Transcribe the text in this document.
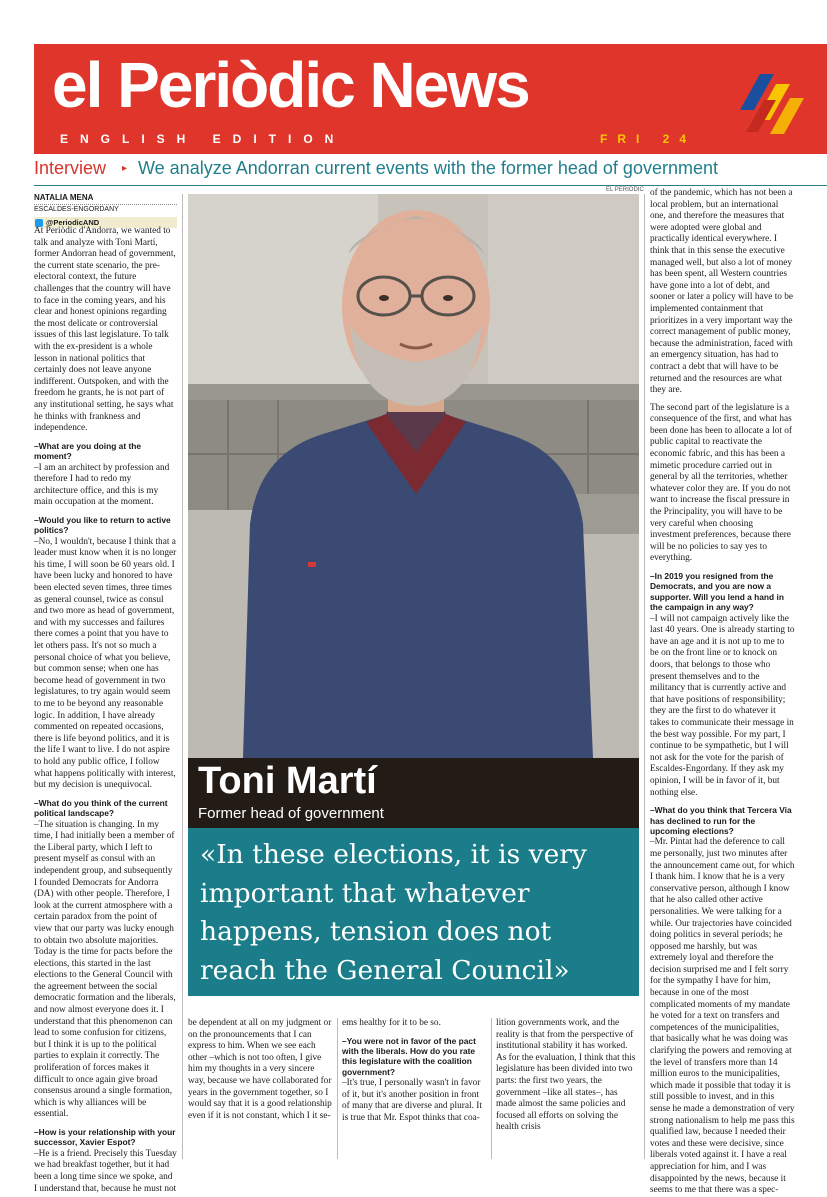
el Periòdic News
ENGLISH EDITION	FRI 24
Interview ▸ We analyze Andorran current events with the former head of government
NATALIA MENA
ESCALDES-ENGORDANY
@PeriodicAND

At Periòdic d'Andorra, we wanted to talk and analyze with Toni Martí, former Andorran head of government, the current state scenario, the pre-electoral context, the future challenges that the country will have to face in the coming years, and his clear and honest opinions regarding the most delicate or controversial issues of this last legislature. To talk with the ex-president is a whole lesson in national politics that certainly does not leave anyone indifferent. Outspoken, and with the freedom he grants, he is not part of any institutional setting, he says what he thinks with frankness and independence.

–What are you doing at the moment?

–I am an architect by profession and therefore I had to redo my architecture office, and this is my main occupation at the moment.

–Would you like to return to active politics?

–No, I wouldn't, because I think that a leader must know when it is no longer his time, I will soon be 60 years old. I have been lucky and honored to have been elected seven times, three times as general counsel, twice as consul and two more as head of government, and with my successes and failures there comes a point that you have to let others pass. It's not so much a personal choice of what you believe, but common sense; when one has become head of government in two legislatures, to try again would seem to me to be beyond any reasonable logic. In addition, I have already commented on repeated occasions, there is life beyond politics, and it is the life I want to live. I do not aspire to hold any public office, I follow what happens politically with interest, but my decision is unequivocal.

–What do you think of the current political landscape?

–The situation is changing. In my time, I had initially been a member of the Liberal party, which I left to present myself as consul with an independent group, and subsequently I founded Democrats for Andorra (DA) with other people. Therefore, I look at the current atmosphere with a certain paradox from the point of view that our party was lucky enough to obtain two absolute majorities. Today is the time for pacts before the elections, this started in the last elections to the General Council with the agreement between the social democratic formation and the liberals, and now almost everyone does it. I understand that this phenomenon can lead to some confusion for citizens, but I think it is up to the political parties to explain it correctly. The proliferation of forces makes it difficult to once again give broad consensus around a single formation, which is why alliances will be essential.

–How is your relationship with your successor, Xavier Espot?

–He is a friend. Precisely this Tuesday we had breakfast together, but it had been a long time since we spoke, and I understand that, because he must not

be dependent at all on my judgment or on the pronouncements that I can express to him. When we see each other –which is not too often, I give him my thoughts in a very sincere way, because we have collaborated for years in the government together, so I would say that it is a good relationship even if it is not constant, which I it se-

ems healthy for it to be so.

–You were not in favor of the pact with the liberals. How do you rate this legislature with the coalition government?

–It's true, I personally wasn't in favor of it, but it's another position in front of many that are diverse and plural. It is true that Mr. Espot thinks that coa-

lition governments work, and the reality is that from the perspective of institutional stability it has worked. As for the evaluation, I think that this legislature has been divided into two parts: the first two years, the government –like all states–, has made almost the same policies and focused all efforts on solving the health crisis

of the pandemic, which has not been a local problem, but an international one, and therefore the measures that were adopted were global and practically identical everywhere. I think that in this sense the executive managed well, but also a lot of money has been spent, all Western countries have gone into a lot of debt, and sooner or later a policy will have to be implemented containment that prioritizes in a very important way the correct management of public money, because the administration, faced with an emergency situation, has had to contract a debt that will have to be returned and the resources are what they are.

The second part of the legislature is a consequence of the first, and what has been done has been to allocate a lot of public capital to reactivate the economic fabric, and this has been a mimetic procedure carried out in general by all the territories, whether whatever color they are. If you do not want to increase the fiscal pressure in the Principality, you will have to be very careful when choosing investment preferences, because there will be no policies to say yes to everything.

–In 2019 you resigned from the Democrats, and you are now a supporter. Will you lend a hand in the campaign in any way?

–I will not campaign actively like the last 40 years. One is already starting to have an age and it is not up to me to be on the front line or to knock on doors, that belongs to those who present themselves and to the militancy that is currently active and that have positions of responsibility; they are the first to do whatever it takes to communicate their message in the best way possible. For my part, I continue to be sympathetic, but I will not ask for the vote for the parish of Escaldes-Engordany. If they ask my opinion, I will be in favor of it, but nothing else.

–What do you think that Tercera Via has declined to run for the upcoming elections?

–Mr. Pintat had the deference to call me personally, just two minutes after the announcement came out, for which I thank him. I know that he is a very conservative person, although I know that he also called other active personalities. We were talking for a while. Our trajectories have coincided doing politics in several periods; he opposed me harshly, but was extremely loyal and therefore the decision surprised me and I felt sorry for the sympathy I have for him, because in one of the most complicated moments of my mandate he voted for a text on transfers and competences of the municipalities, that basically what he was doing was clarifying the powers and removing at the level of transfers more than 14 million euros to the municipalities, which made it possible that today it is still possible to invest, and in this sense he made a demonstration of very strong nationalism to help me pass this qualified law, because I needed their votes and these were decisive, since liberals voted against it. I have a real appreciation for him, and I was disappointed by the news, because it seems to me that there was a spec-

EL PERIÒDIC
Toni Martí
Former head of government
«In these elections, it is very important that whatever happens, tension does not reach the General Council»
